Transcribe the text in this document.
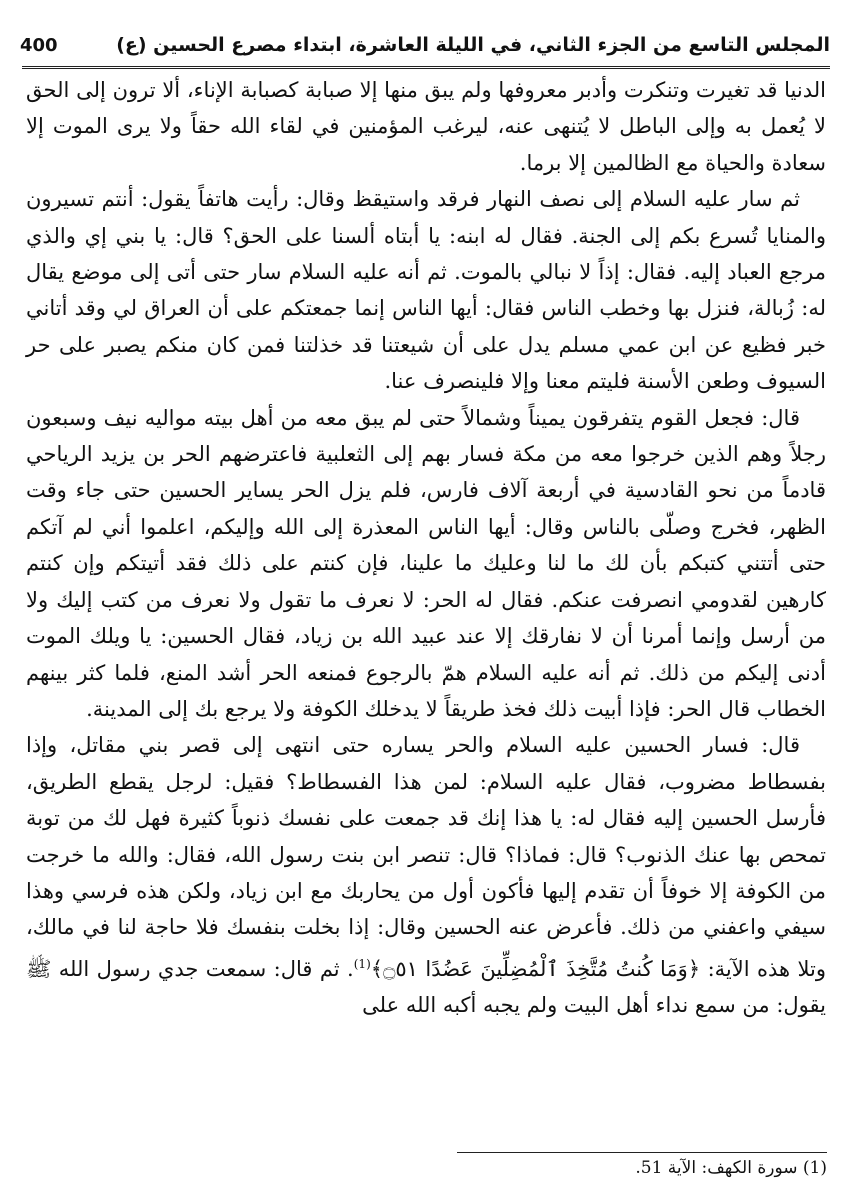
المجلس التاسع من الجزء الثاني، في الليلة العاشرة، ابتداء مصرع الحسين (ع)
400

الدنيا قد تغيرت وتنكرت وأدبر معروفها ولم يبق منها إلا صبابة كصبابة الإناء، ألا ترون إلى الحق لا يُعمل به وإلى الباطل لا يُتنهى عنه، ليرغب المؤمنين في لقاء الله حقاً ولا يرى الموت إلا سعادة والحياة مع الظالمين إلا برما.

ثم سار عليه السلام إلى نصف النهار فرقد واستيقظ وقال: رأيت هاتفاً يقول: أنتم تسيرون والمنايا تُسرع بكم إلى الجنة. فقال له ابنه: يا أبتاه ألسنا على الحق؟ قال: يا بني إي والذي مرجع العباد إليه. فقال: إذاً لا نبالي بالموت. ثم أنه عليه السلام سار حتى أتى إلى موضع يقال له: زُبالة، فنزل بها وخطب الناس فقال: أيها الناس إنما جمعتكم على أن العراق لي وقد أتاني خبر فظيع عن ابن عمي مسلم يدل على أن شيعتنا قد خذلتنا فمن كان منكم يصبر على حر السيوف وطعن الأسنة فليتم معنا وإلا فلينصرف عنا.

قال: فجعل القوم يتفرقون يميناً وشمالاً حتى لم يبق معه من أهل بيته مواليه نيف وسبعون رجلاً وهم الذين خرجوا معه من مكة فسار بهم إلى الثعلبية فاعترضهم الحر بن يزيد الرياحي قادماً من نحو القادسية في أربعة آلاف فارس، فلم يزل الحر يساير الحسين حتى جاء وقت الظهر، فخرج وصلّى بالناس وقال: أيها الناس المعذرة إلى الله وإليكم، اعلموا أني لم آتكم حتى أتتني كتبكم بأن لك ما لنا وعليك ما علينا، فإن كنتم على ذلك فقد أتيتكم وإن كنتم كارهين لقدومي انصرفت عنكم. فقال له الحر: لا نعرف ما تقول ولا نعرف من كتب إليك ولا من أرسل وإنما أمرنا أن لا نفارقك إلا عند عبيد الله بن زياد، فقال الحسين: يا ويلك الموت أدنى إليكم من ذلك. ثم أنه عليه السلام همّ بالرجوع فمنعه الحر أشد المنع، فلما كثر بينهم الخطاب قال الحر: فإذا أبيت ذلك فخذ طريقاً لا يدخلك الكوفة ولا يرجع بك إلى المدينة.

قال: فسار الحسين عليه السلام والحر يساره حتى انتهى إلى قصر بني مقاتل، وإذا بفسطاط مضروب، فقال عليه السلام: لمن هذا الفسطاط؟ فقيل: لرجل يقطع الطريق، فأرسل الحسين إليه فقال له: يا هذا إنك قد جمعت على نفسك ذنوباً كثيرة فهل لك من توبة تمحص بها عنك الذنوب؟ قال: فماذا؟ قال: تنصر ابن بنت رسول الله، فقال: والله ما خرجت من الكوفة إلا خوفاً أن تقدم إليها فأكون أول من يحاربك مع ابن زياد، ولكن هذه فرسي وهذا سيفي واعفني من ذلك. فأعرض عنه الحسين وقال: إذا بخلت بنفسك فلا حاجة لنا في مالك، وتلا هذه الآية: ﴿وَمَا كُنتُ مُتَّخِذَ ٱلْمُضِلِّينَ عَضُدًا ۝٥١﴾$^{(1)}$. ثم قال: سمعت جدي رسول الله ﷺ يقول: من سمع نداء أهل البيت ولم يجبه أكبه الله على

(1) سورة الكهف: الآية 51.
